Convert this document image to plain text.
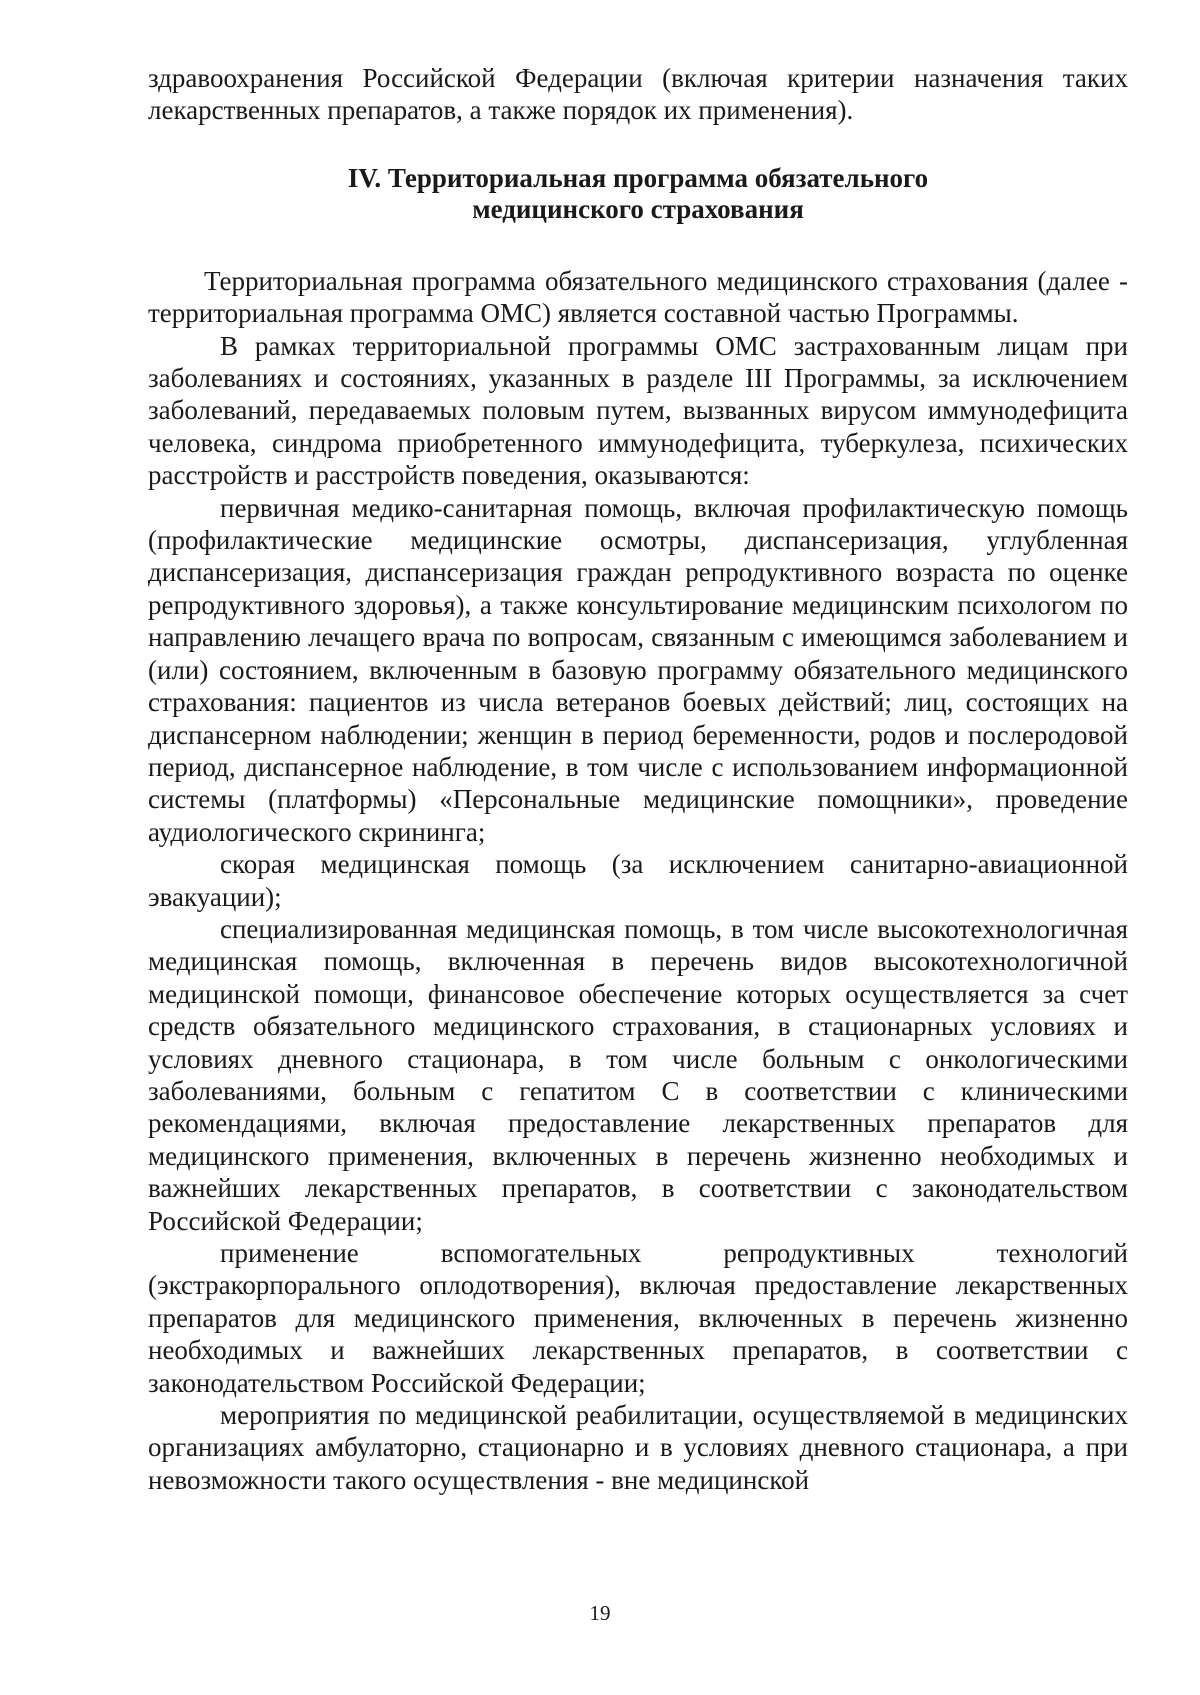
здравоохранения Российской Федерации (включая критерии назначения таких лекарственных препаратов, а также порядок их применения).

IV. Территориальная программа обязательного

медицинского страхования

Территориальная программа обязательного медицинского страхования (далее - территориальная программа ОМС) является составной частью Программы.

В рамках территориальной программы ОМС застрахованным лицам при заболеваниях и состояниях, указанных в разделе III Программы, за исключением заболеваний, передаваемых половым путем, вызванных вирусом иммунодефицита человека, синдрома приобретенного иммунодефицита, туберкулеза, психических расстройств и расстройств поведения, оказываются:

первичная медико-санитарная помощь, включая профилактическую помощь (профилактические медицинские осмотры, диспансеризация, углубленная диспансеризация, диспансеризация граждан репродуктивного возраста по оценке репродуктивного здоровья), а также консультирование медицинским психологом по направлению лечащего врача по вопросам, связанным с имеющимся заболеванием и (или) состоянием, включенным в базовую программу обязательного медицинского страхования: пациентов из числа ветеранов боевых действий; лиц, состоящих на диспансерном наблюдении; женщин в период беременности, родов и послеродовой период, диспансерное наблюдение, в том числе с использованием информационной системы (платформы) «Персональные медицинские помощники», проведение аудиологического скрининга;

скорая медицинская помощь (за исключением санитарно-авиационной эвакуации);

специализированная медицинская помощь, в том числе высокотехнологичная медицинская помощь, включенная в перечень видов высокотехнологичной медицинской помощи, финансовое обеспечение которых осуществляется за счет средств обязательного медицинского страхования, в стационарных условиях и условиях дневного стационара, в том числе больным с онкологическими заболеваниями, больным с гепатитом С в соответствии с клиническими рекомендациями, включая предоставление лекарственных препаратов для медицинского применения, включенных в перечень жизненно необходимых и важнейших лекарственных препаратов, в соответствии с законодательством Российской Федерации;

применение вспомогательных репродуктивных технологий (экстракорпорального оплодотворения), включая предоставление лекарственных препаратов для медицинского применения, включенных в перечень жизненно необходимых и важнейших лекарственных препаратов, в соответствии с законодательством Российской Федерации;

мероприятия по медицинской реабилитации, осуществляемой в медицинских организациях амбулаторно, стационарно и в условиях дневного стационара, а при невозможности такого осуществления - вне медицинской

19
